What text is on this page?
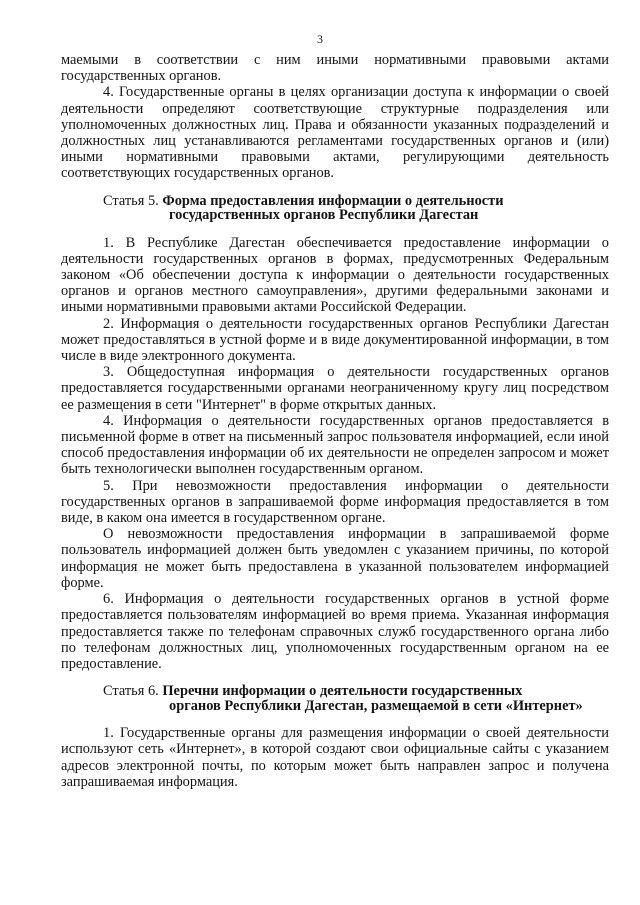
3

маемыми в соответствии с ним иными нормативными правовыми актами государственных органов.

4. Государственные органы в целях организации доступа к информации о своей деятельности определяют соответствующие структурные подразделения или уполномоченных должностных лиц. Права и обязанности указанных подразделений и должностных лиц устанавливаются регламентами государственных органов и (или) иными нормативными правовыми актами, регулирующими деятельность соответствующих государственных органов.

Статья 5. Форма предоставления информации о деятельности
государственных органов Республики Дагестан

1. В Республике Дагестан обеспечивается предоставление информации о деятельности государственных органов в формах, предусмотренных Федеральным законом «Об обеспечении доступа к информации о деятельности государственных органов и органов местного самоуправления», другими федеральными законами и иными нормативными правовыми актами Российской Федерации.

2. Информация о деятельности государственных органов Республики Дагестан может предоставляться в устной форме и в виде документированной информации, в том числе в виде электронного документа.

3. Общедоступная информация о деятельности государственных органов предоставляется государственными органами неограниченному кругу лиц посредством ее размещения в сети "Интернет" в форме открытых данных.

4. Информация о деятельности государственных органов предоставляется в письменной форме в ответ на письменный запрос пользователя информацией, если иной способ предоставления информации об их деятельности не определен запросом и может быть технологически выполнен государственным органом.

5. При невозможности предоставления информации о деятельности государственных органов в запрашиваемой форме информация предоставляется в том виде, в каком она имеется в государственном органе.

О невозможности предоставления информации в запрашиваемой форме пользователь информацией должен быть уведомлен с указанием причины, по которой информация не может быть предоставлена в указанной пользователем информацией форме.

6. Информация о деятельности государственных органов в устной форме предоставляется пользователям информацией во время приема. Указанная информация предоставляется также по телефонам справочных служб государственного органа либо по телефонам должностных лиц, уполномоченных государственным органом на ее предоставление.

Статья 6. Перечни информации о деятельности государственных
органов Республики Дагестан, размещаемой в сети «Интернет»

1. Государственные органы для размещения информации о своей деятельности используют сеть «Интернет», в которой создают свои официальные сайты с указанием адресов электронной почты, по которым может быть направлен запрос и получена запрашиваемая информация.
